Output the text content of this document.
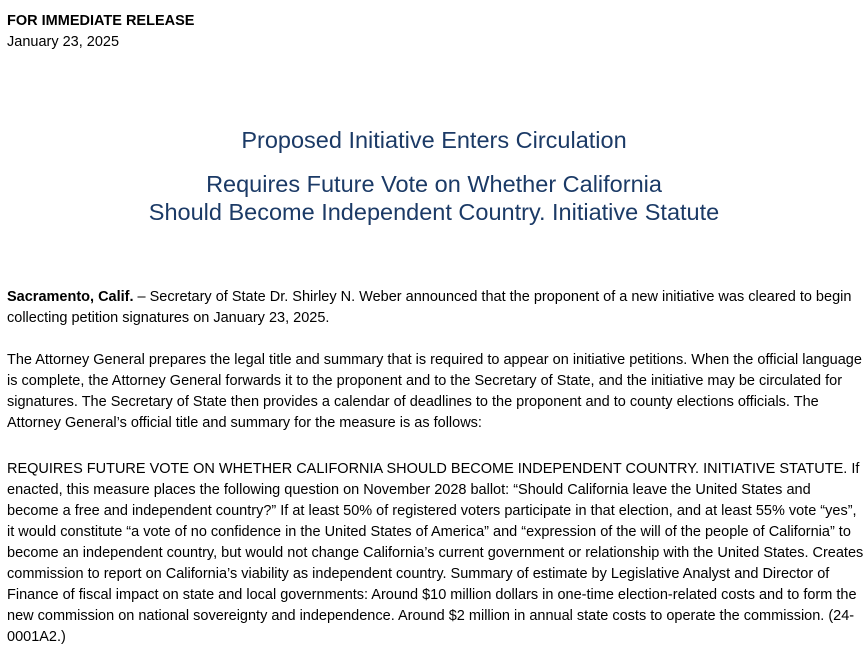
FOR IMMEDIATE RELEASE
January 23, 2025
Proposed Initiative Enters Circulation
Requires Future Vote on Whether California
Should Become Independent Country. Initiative Statute

Sacramento, Calif. – Secretary of State Dr. Shirley N. Weber announced that the proponent of a new initiative was cleared to begin collecting petition signatures on January 23, 2025.

The Attorney General prepares the legal title and summary that is required to appear on initiative petitions. When the official language is complete, the Attorney General forwards it to the proponent and to the Secretary of State, and the initiative may be circulated for signatures. The Secretary of State then provides a calendar of deadlines to the proponent and to county elections officials. The Attorney General’s official title and summary for the measure is as follows:

REQUIRES FUTURE VOTE ON WHETHER CALIFORNIA SHOULD BECOME INDEPENDENT COUNTRY. INITIATIVE STATUTE. If enacted, this measure places the following question on November 2028 ballot: “Should California leave the United States and become a free and independent country?” If at least 50% of registered voters participate in that election, and at least 55% vote “yes”, it would constitute “a vote of no confidence in the United States of America” and “expression of the will of the people of California” to become an independent country, but would not change California’s current government or relationship with the United States. Creates commission to report on California’s viability as independent country. Summary of estimate by Legislative Analyst and Director of Finance of fiscal impact on state and local governments: Around $10 million dollars in one-time election-related costs and to form the new commission on national sovereignty and independence. Around $2 million in annual state costs to operate the commission. (24-0001A2.)
